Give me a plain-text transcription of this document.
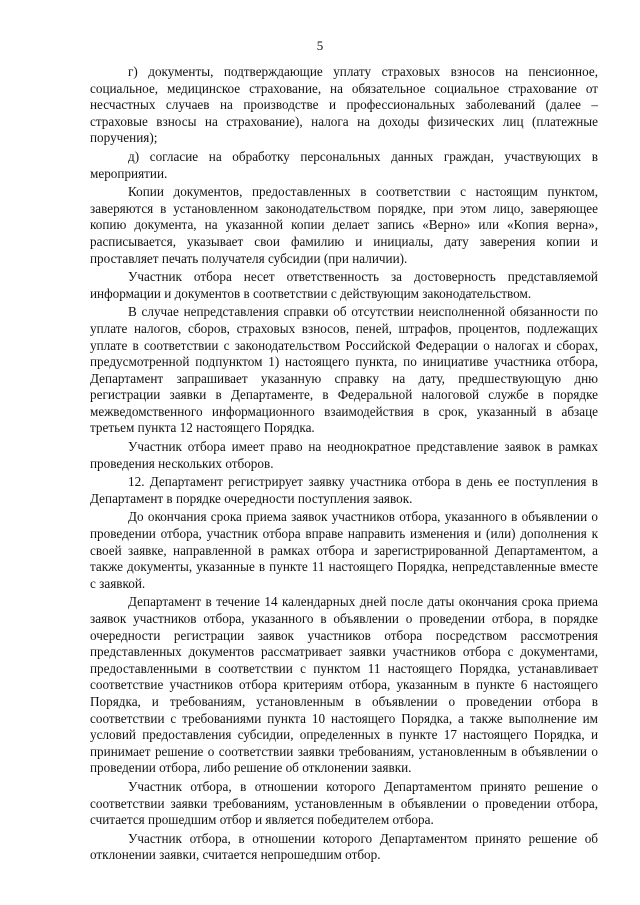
5

г) документы, подтверждающие уплату страховых взносов на пенсионное, социальное, медицинское страхование, на обязательное социальное страхование от несчастных случаев на производстве и профессиональных заболеваний (далее – страховые взносы на страхование), налога на доходы физических лиц (платежные поручения);

д) согласие на обработку персональных данных граждан, участвующих в мероприятии.

Копии документов, предоставленных в соответствии с настоящим пунктом, заверяются в установленном законодательством порядке, при этом лицо, заверяющее копию документа, на указанной копии делает запись «Верно» или «Копия верна», расписывается, указывает свои фамилию и инициалы, дату заверения копии и проставляет печать получателя субсидии (при наличии).

Участник отбора несет ответственность за достоверность представляемой информации и документов в соответствии с действующим законодательством.

В случае непредставления справки об отсутствии неисполненной обязанности по уплате налогов, сборов, страховых взносов, пеней, штрафов, процентов, подлежащих уплате в соответствии с законодательством Российской Федерации о налогах и сборах, предусмотренной подпунктом 1) настоящего пункта, по инициативе участника отбора, Департамент запрашивает указанную справку на дату, предшествующую дню регистрации заявки в Департаменте, в Федеральной налоговой службе в порядке межведомственного информационного взаимодействия в срок, указанный в абзаце третьем пункта 12 настоящего Порядка.

Участник отбора имеет право на неоднократное представление заявок в рамках проведения нескольких отборов.

12. Департамент регистрирует заявку участника отбора в день ее поступления в Департамент в порядке очередности поступления заявок.

До окончания срока приема заявок участников отбора, указанного в объявлении о проведении отбора, участник отбора вправе направить изменения и (или) дополнения к своей заявке, направленной в рамках отбора и зарегистрированной Департаментом, а также документы, указанные в пункте 11 настоящего Порядка, непредставленные вместе с заявкой.

Департамент в течение 14 календарных дней после даты окончания срока приема заявок участников отбора, указанного в объявлении о проведении отбора, в порядке очередности регистрации заявок участников отбора посредством рассмотрения представленных документов рассматривает заявки участников отбора с документами, предоставленными в соответствии с пунктом 11 настоящего Порядка, устанавливает соответствие участников отбора критериям отбора, указанным в пункте 6 настоящего Порядка, и требованиям, установленным в объявлении о проведении отбора в соответствии с требованиями пункта 10 настоящего Порядка, а также выполнение им условий предоставления субсидии, определенных в пункте 17 настоящего Порядка, и принимает решение о соответствии заявки требованиям, установленным в объявлении о проведении отбора, либо решение об отклонении заявки.

Участник отбора, в отношении которого Департаментом принято решение о соответствии заявки требованиям, установленным в объявлении о проведении отбора, считается прошедшим отбор и является победителем отбора.

Участник отбора, в отношении которого Департаментом принято решение об отклонении заявки, считается непрошедшим отбор.
